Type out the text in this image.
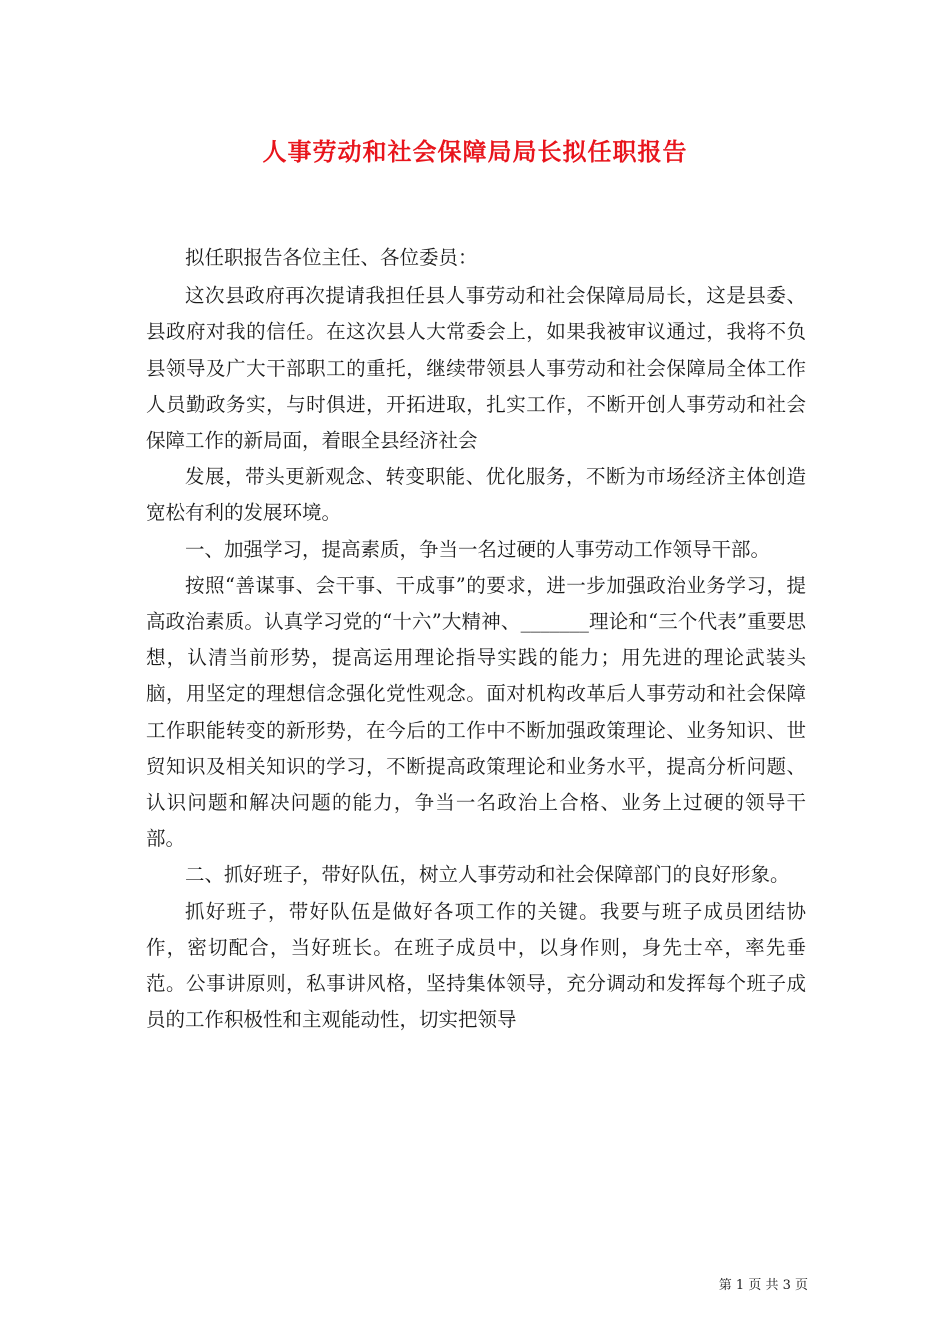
人事劳动和社会保障局局长拟任职报告

拟任职报告各位主任、各位委员：

这次县政府再次提请我担任县人事劳动和社会保障局局长，这是县委、县政府对我的信任。在这次县人大常委会上，如果我被审议通过，我将不负县领导及广大干部职工的重托，继续带领县人事劳动和社会保障局全体工作人员勤政务实，与时俱进，开拓进取，扎实工作，不断开创人事劳动和社会保障工作的新局面，着眼全县经济社会

发展，带头更新观念、转变职能、优化服务，不断为市场经济主体创造宽松有利的发展环境。

一、加强学习，提高素质，争当一名过硬的人事劳动工作领导干部。

按照“善谋事、会干事、干成事”的要求，进一步加强政治业务学习，提高政治素质。认真学习党的“十六”大精神、_______理论和“三个代表”重要思想，认清当前形势，提高运用理论指导实践的能力；用先进的理论武装头脑，用坚定的理想信念强化党性观念。面对机构改革后人事劳动和社会保障工作职能转变的新形势，在今后的工作中不断加强政策理论、业务知识、世贸知识及相关知识的学习，不断提高政策理论和业务水平，提高分析问题、认识问题和解决问题的能力，争当一名政治上合格、业务上过硬的领导干部。

二、抓好班子，带好队伍，树立人事劳动和社会保障部门的良好形象。

抓好班子，带好队伍是做好各项工作的关键。我要与班子成员团结协作，密切配合，当好班长。在班子成员中，以身作则，身先士卒，率先垂范。公事讲原则，私事讲风格，坚持集体领导，充分调动和发挥每个班子成员的工作积极性和主观能动性，切实把领导

第 1 页 共 3 页
